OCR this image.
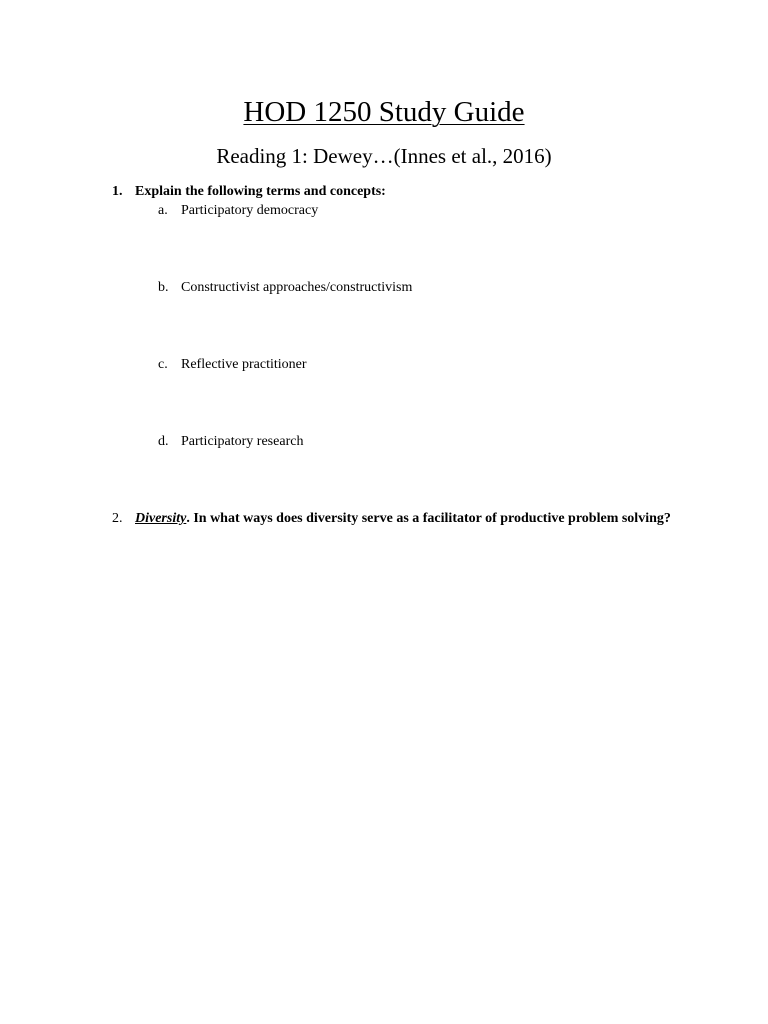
HOD 1250 Study Guide
Reading 1: Dewey…(Innes et al., 2016)
1. Explain the following terms and concepts:
a. Participatory democracy
b. Constructivist approaches/constructivism
c. Reflective practitioner
d. Participatory research
2. Diversity. In what ways does diversity serve as a facilitator of productive problem solving?
